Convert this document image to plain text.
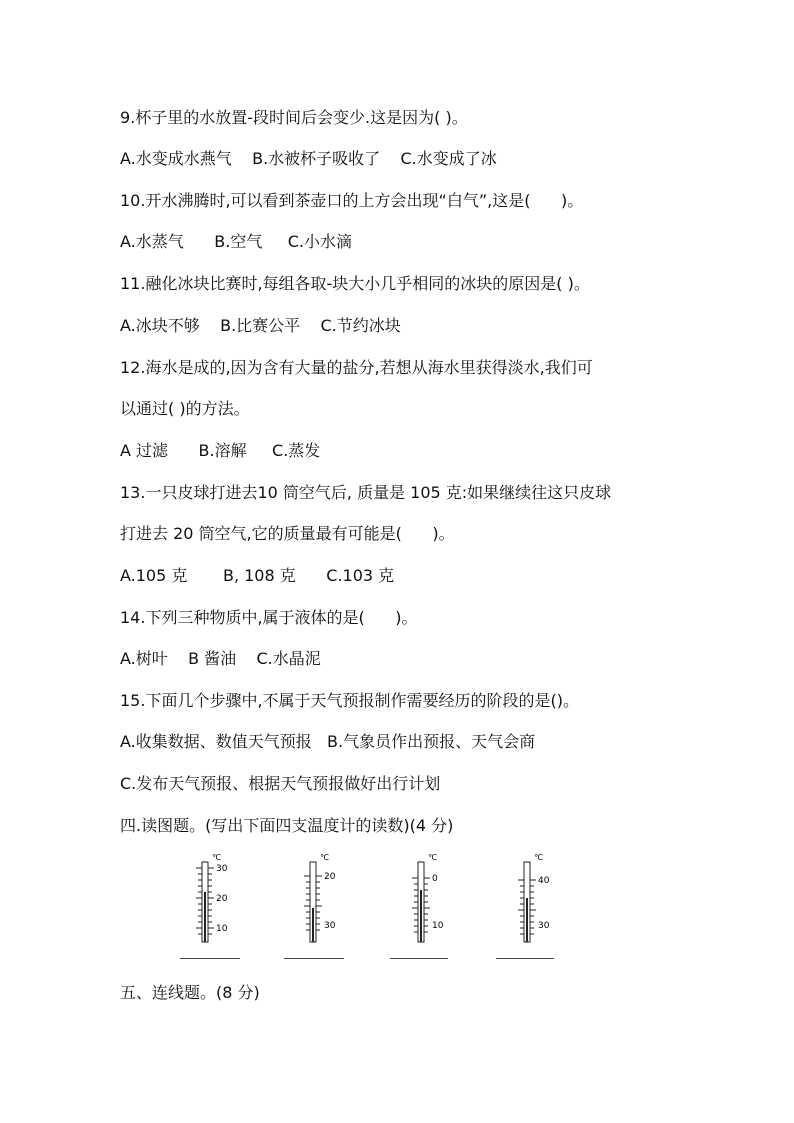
9.杯子里的水放置-段时间后会变少.这是因为( )。
A.水变成水燕气    B.水被杯子吸收了    C.水变成了冰
10.开水沸腾时,可以看到茶壶口的上方会出现“白气”,这是(      )。
A.水蒸气      B.空气     C.小水滴
11.融化冰块比赛时,每组各取-块大小几乎相同的冰块的原因是( )。
A.冰块不够    B.比赛公平    C.节约冰块
12.海水是成的,因为含有大量的盐分,若想从海水里获得淡水,我们可
以通过( )的方法。
A 过滤      B.溶解     C.蒸发
13.一只皮球打进去10 筒空气后, 质量是 105 克:如果继续往这只皮球
打进去 20 筒空气,它的质量最有可能是(      )。
A.105 克       B, 108 克      C.103 克
14.下列三种物质中,属于液体的是(      )。
A.树叶    B 酱油    C.水晶泥
15.下面几个步骤中,不属于天气预报制作需要经历的阶段的是()。
A.收集数据、数值天气预报   B.气象员作出预报、天气会商
C.发布天气预报、根据天气预报做好出行计划
四.读图题。(写出下面四支温度计的读数)(4 分)
℃
30
20
10
℃
20
30
℃
0
10
℃
40
30
五、连线题。(8 分)
